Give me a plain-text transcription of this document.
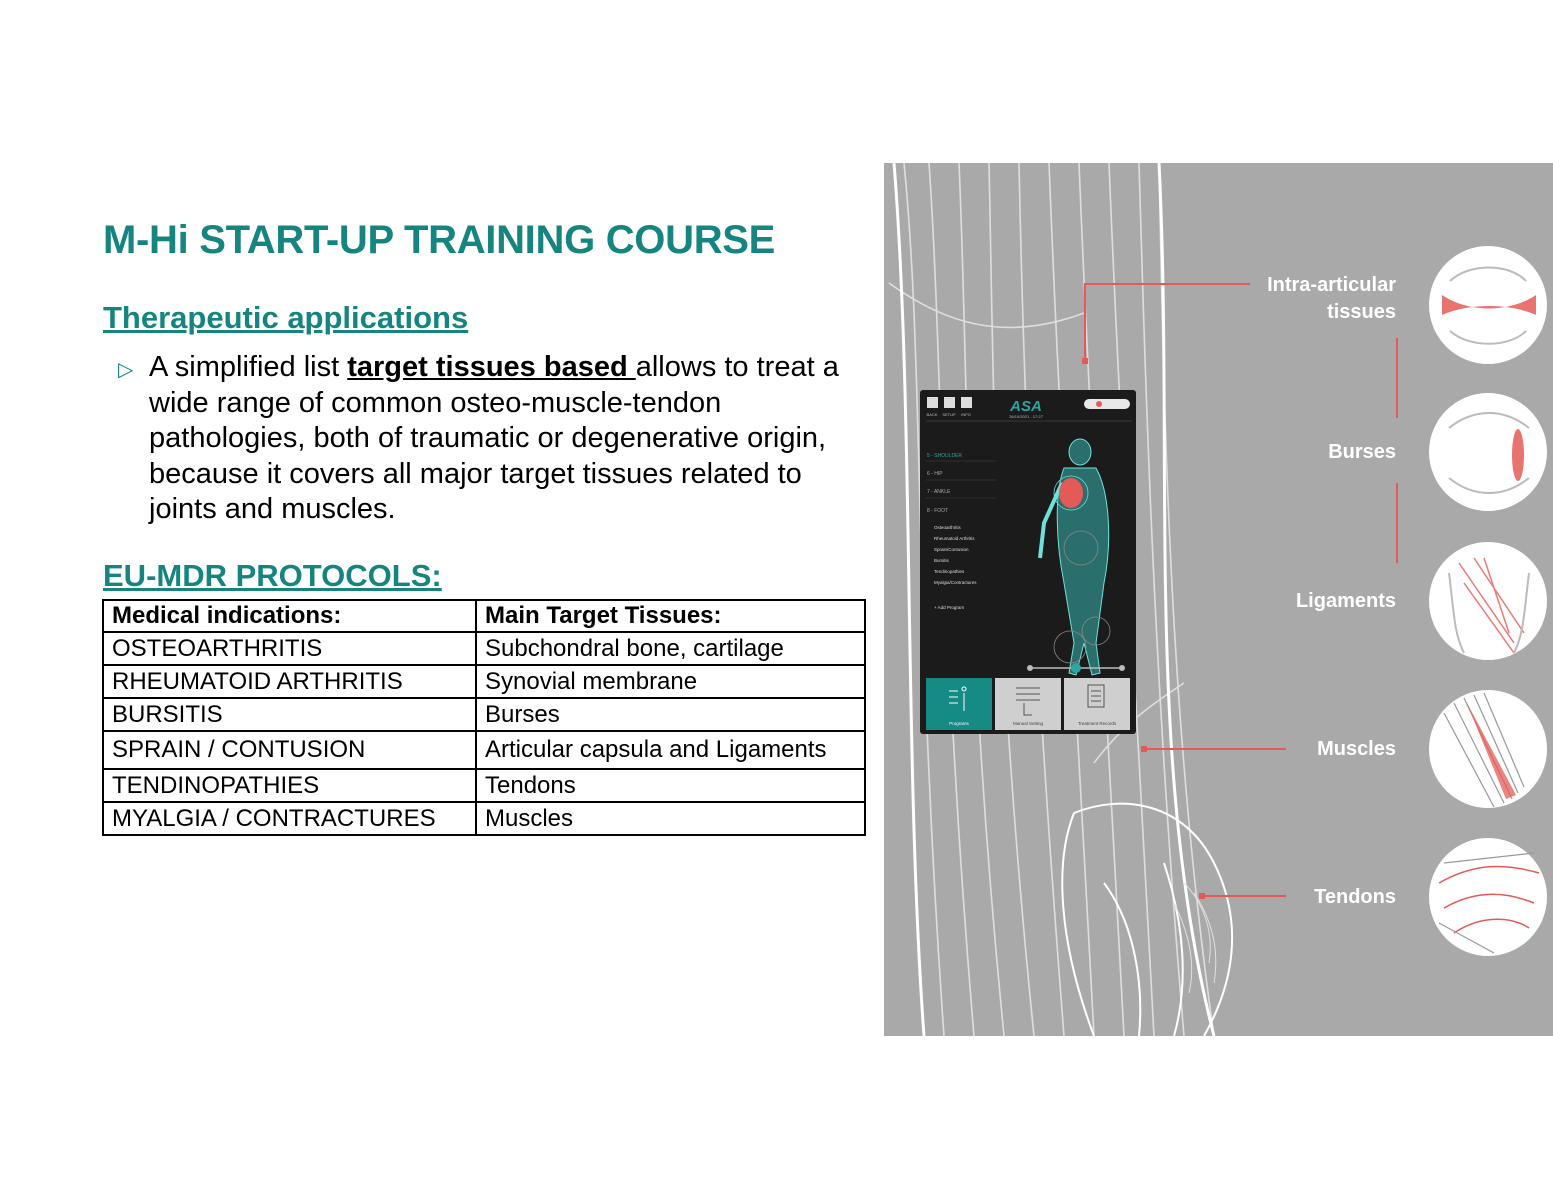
M-Hi START-UP TRAINING COURSE
Therapeutic applications
▷ A simplified list target tissues based allows to treat a wide range of common osteo-muscle-tendon pathologies, both of traumatic or degenerative origin, because it covers all major target tissues related to joints and muscles.
EU-MDR PROTOCOLS:
Medical indications:	Main Target Tissues:
OSTEOARTHRITIS	Subchondral bone, cartilage
RHEUMATOID ARTHRITIS	Synovial membrane
BURSITIS	Burses
SPRAIN / CONTUSION	Articular capsula and Ligaments
TENDINOPATHIES	Tendons
MYALGIA / CONTRACTURES	Muscles
Intra-articular
tissues
Burses
Ligaments
Muscles
Tendons
BACK SETUP INFO	ASA
26/10/2021 - 17:27
5 - SHOULDER
6 - HIP
7 - ANKLE
8 - FOOT
Osteoarthritis
Rheumatoid Arthritis
Sprain/Contusion
Bursitis
Tendinopathies
Myalgia/Contractures
+ Add Program
Programs	Manual Setting	Treatment Records
